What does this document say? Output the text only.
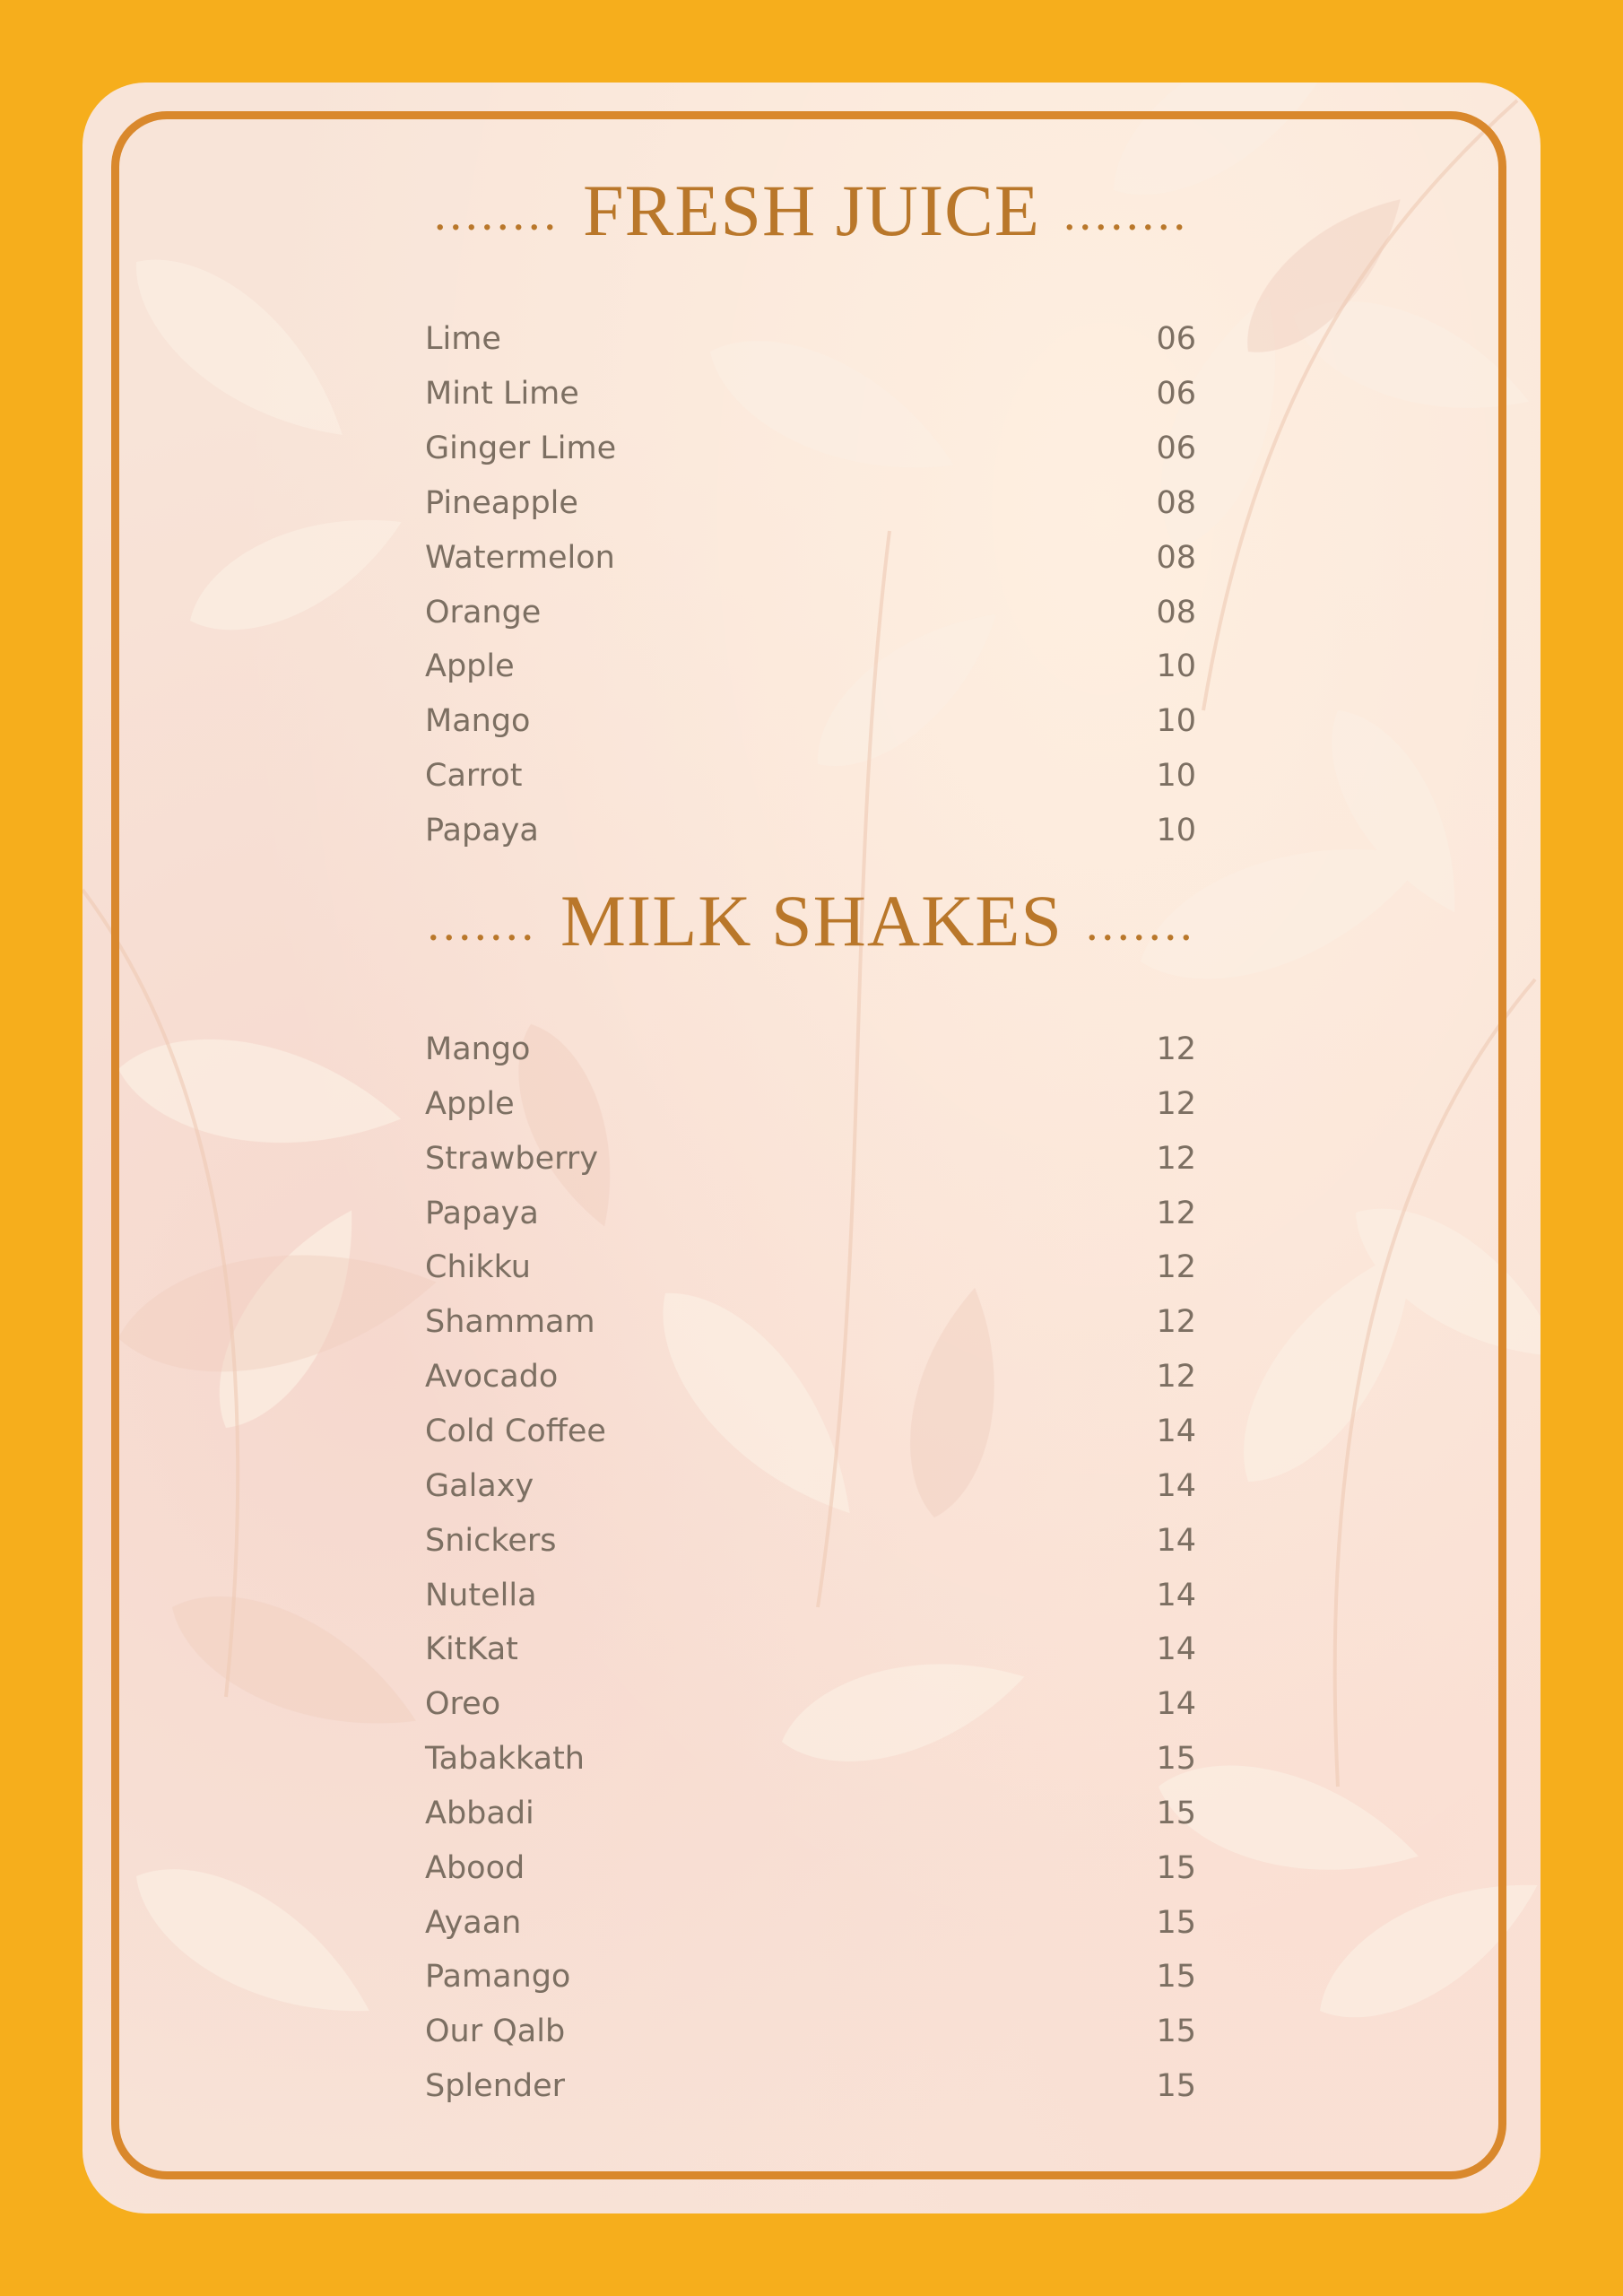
........ FRESH JUICE ........
....... MILK SHAKES .......
Lime	06
Mint Lime	06
Ginger Lime	06
Pineapple	08
Watermelon	08
Orange	08
Apple	10
Mango	10
Carrot	10
Papaya	10
Mango	12
Apple	12
Strawberry	12
Papaya	12
Chikku	12
Shammam	12
Avocado	12
Cold Coffee	14
Galaxy	14
Snickers	14
Nutella	14
KitKat	14
Oreo	14
Tabakkath	15
Abbadi	15
Abood	15
Ayaan	15
Pamango	15
Our Qalb	15
Splender	15
